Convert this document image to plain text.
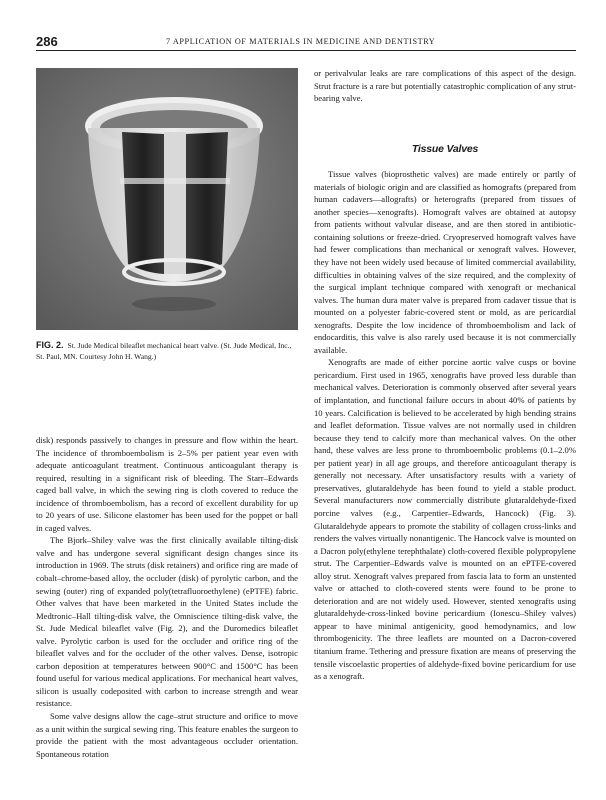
286	7 APPLICATION OF MATERIALS IN MEDICINE AND DENTISTRY
FIG. 2. St. Jude Medical bileaflet mechanical heart valve. (St. Jude Medical, Inc., St. Paul, MN. Courtesy John H. Wang.)

disk) responds passively to changes in pressure and flow within the heart. The incidence of thromboembolism is 2–5% per patient year even with adequate anticoagulant treatment. Continuous anticoagulant therapy is required, resulting in a significant risk of bleeding. The Starr–Edwards caged ball valve, in which the sewing ring is cloth covered to reduce the incidence of thromboembolism, has a record of excellent durability for up to 20 years of use. Silicone elastomer has been used for the poppet or ball in caged valves.

The Bjork–Shiley valve was the first clinically available tilting-disk valve and has undergone several significant design changes since its introduction in 1969. The struts (disk retainers) and orifice ring are made of cobalt–chrome-based alloy, the occluder (disk) of pyrolytic carbon, and the sewing (outer) ring of expanded poly(tetrafluoroethylene) (ePTFE) fabric. Other valves that have been marketed in the United States include the Medtronic–Hall tilting-disk valve, the Omniscience tilting-disk valve, the St. Jude Medical bileaflet valve (Fig. 2), and the Duromedics bileaflet valve. Pyrolytic carbon is used for the occluder and orifice ring of the bileaflet valves and for the occluder of the other valves. Dense, isotropic carbon deposition at temperatures between 900°C and 1500°C has been found useful for various medical applications. For mechanical heart valves, silicon is usually codeposited with carbon to increase strength and wear resistance.

Some valve designs allow the cage–strut structure and orifice to move as a unit within the surgical sewing ring. This feature enables the surgeon to provide the patient with the most advantageous occluder orientation. Spontaneous rotation

or perivalvular leaks are rare complications of this aspect of the design. Strut fracture is a rare but potentially catastrophic complication of any strut-bearing valve.

Tissue Valves

Tissue valves (bioprosthetic valves) are made entirely or partly of materials of biologic origin and are classified as homografts (prepared from human cadavers—allografts) or heterografts (prepared from tissues of another species—xenografts). Homograft valves are obtained at autopsy from patients without valvular disease, and are then stored in antibiotic-containing solutions or freeze-dried. Cryopreserved homograft valves have had fewer complications than mechanical or xenograft valves. However, they have not been widely used because of limited commercial availability, difficulties in obtaining valves of the size required, and the complexity of the surgical implant technique compared with xenograft or mechanical valves. The human dura mater valve is prepared from cadaver tissue that is mounted on a polyester fabric-covered stent or mold, as are pericardial xenografts. Despite the low incidence of thromboembolism and lack of endocarditis, this valve is also rarely used because it is not commercially available.

Xenografts are made of either porcine aortic valve cusps or bovine pericardium. First used in 1965, xenografts have proved less durable than mechanical valves. Deterioration is commonly observed after several years of implantation, and functional failure occurs in about 40% of patients by 10 years. Calcification is believed to be accelerated by high bending strains and leaflet deformation. Tissue valves are not normally used in children because they tend to calcify more than mechanical valves. On the other hand, these valves are less prone to thromboembolic problems (0.1–2.0% per patient year) in all age groups, and therefore anticoagulant therapy is generally not necessary. After unsatisfactory results with a variety of preservatives, glutaraldehyde has been found to yield a stable product. Several manufacturers now commercially distribute glutaraldehyde-fixed porcine valves (e.g., Carpentier–Edwards, Hancock) (Fig. 3). Glutaraldehyde appears to promote the stability of collagen cross-links and renders the valves virtually nonantigenic. The Hancock valve is mounted on a Dacron poly(ethylene terephthalate) cloth-covered flexible polypropylene strut. The Carpentier–Edwards valve is mounted on an ePTFE-covered alloy strut. Xenograft valves prepared from fascia lata to form an unstented valve or attached to cloth-covered stents were found to be prone to deterioration and are not widely used. However, stented xenografts using glutaraldehyde-cross-linked bovine pericardium (Ionescu–Shiley valves) appear to have minimal antigenicity, good hemodynamics, and low thrombogenicity. The three leaflets are mounted on a Dacron-covered titanium frame. Tethering and pressure fixation are means of preserving the tensile viscoelastic properties of aldehyde-fixed bovine pericardium for use as a xenograft.
